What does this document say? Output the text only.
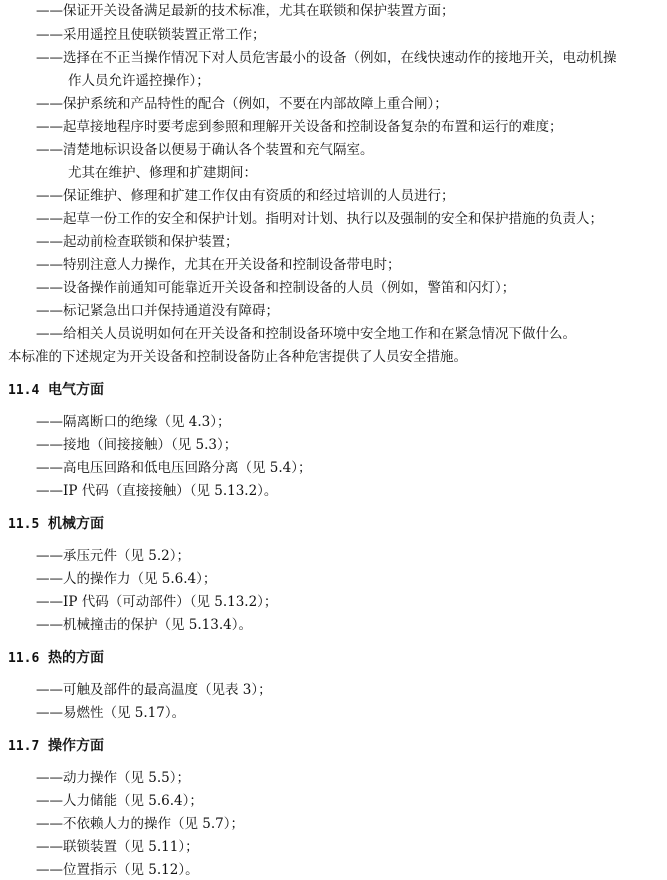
——保证开关设备满足最新的技术标准，尤其在联锁和保护装置方面；
——采用遥控且使联锁装置正常工作；
——选择在不正当操作情况下对人员危害最小的设备（例如，在线快速动作的接地开关，电动机操
作人员允许遥控操作）；
——保护系统和产品特性的配合（例如，不要在内部故障上重合闸）；
——起草接地程序时要考虑到参照和理解开关设备和控制设备复杂的布置和运行的难度；
——清楚地标识设备以便易于确认各个装置和充气隔室。
尤其在维护、修理和扩建期间：
——保证维护、修理和扩建工作仅由有资质的和经过培训的人员进行；
——起草一份工作的安全和保护计划。指明对计划、执行以及强制的安全和保护措施的负责人；
——起动前检查联锁和保护装置；
——特别注意人力操作，尤其在开关设备和控制设备带电时；
——设备操作前通知可能靠近开关设备和控制设备的人员（例如，警笛和闪灯）；
——标记紧急出口并保持通道没有障碍；
——给相关人员说明如何在开关设备和控制设备环境中安全地工作和在紧急情况下做什么。
本标准的下述规定为开关设备和控制设备防止各种危害提供了人员安全措施。
11.4 电气方面
——隔离断口的绝缘（见 4.3）；
——接地（间接接触）（见 5.3）；
——高电压回路和低电压回路分离（见 5.4）；
——IP 代码（直接接触）（见 5.13.2）。
11.5 机械方面
——承压元件（见 5.2）；
——人的操作力（见 5.6.4）；
——IP 代码（可动部件）（见 5.13.2）；
——机械撞击的保护（见 5.13.4）。
11.6 热的方面
——可触及部件的最高温度（见表 3）；
——易燃性（见 5.17）。
11.7 操作方面
——动力操作（见 5.5）；
——人力储能（见 5.6.4）；
——不依赖人力的操作（见 5.7）；
——联锁装置（见 5.11）；
——位置指示（见 5.12）。
